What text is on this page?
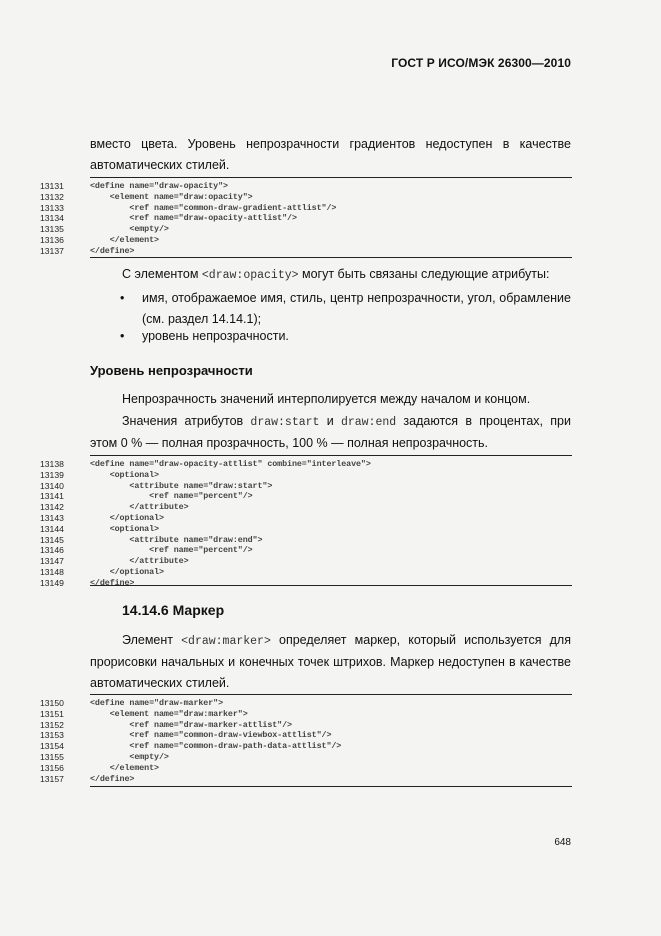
ГОСТ Р ИСО/МЭК 26300—2010
вместо цвета. Уровень непрозрачности градиентов недоступен в качестве
автоматических стилей.
13131	<define name="draw-opacity">
13132	<element name="draw:opacity">
13133	<ref name="common-draw-gradient-attlist"/>
13134	<ref name="draw-opacity-attlist"/>
13135	<empty/>
13136	</element>
13137	</define>
С элементом <draw:opacity> могут быть связаны следующие атрибуты:
•	имя, отображаемое имя, стиль, центр непрозрачности, угол, обрамление
(см. раздел 14.14.1);
•	уровень непрозрачности.
Уровень непрозрачности
Непрозрачность значений интерполируется между началом и концом.
Значения атрибутов draw:start и draw:end задаются в процентах, при
этом 0 % — полная прозрачность, 100 % — полная непрозрачность.
13138	<define name="draw-opacity-attlist" combine="interleave">
13139	<optional>
13140	<attribute name="draw:start">
13141	<ref name="percent"/>
13142	</attribute>
13143	</optional>
13144	<optional>
13145	<attribute name="draw:end">
13146	<ref name="percent"/>
13147	</attribute>
13148	</optional>
13149	</define>
14.14.6 Маркер
Элемент <draw:marker> определяет маркер, который используется для
прорисовки начальных и конечных точек штрихов. Маркер недоступен в качестве
автоматических стилей.
13150	<define name="draw-marker">
13151	<element name="draw:marker">
13152	<ref name="draw-marker-attlist"/>
13153	<ref name="common-draw-viewbox-attlist"/>
13154	<ref name="common-draw-path-data-attlist"/>
13155	<empty/>
13156	</element>
13157	</define>
648
